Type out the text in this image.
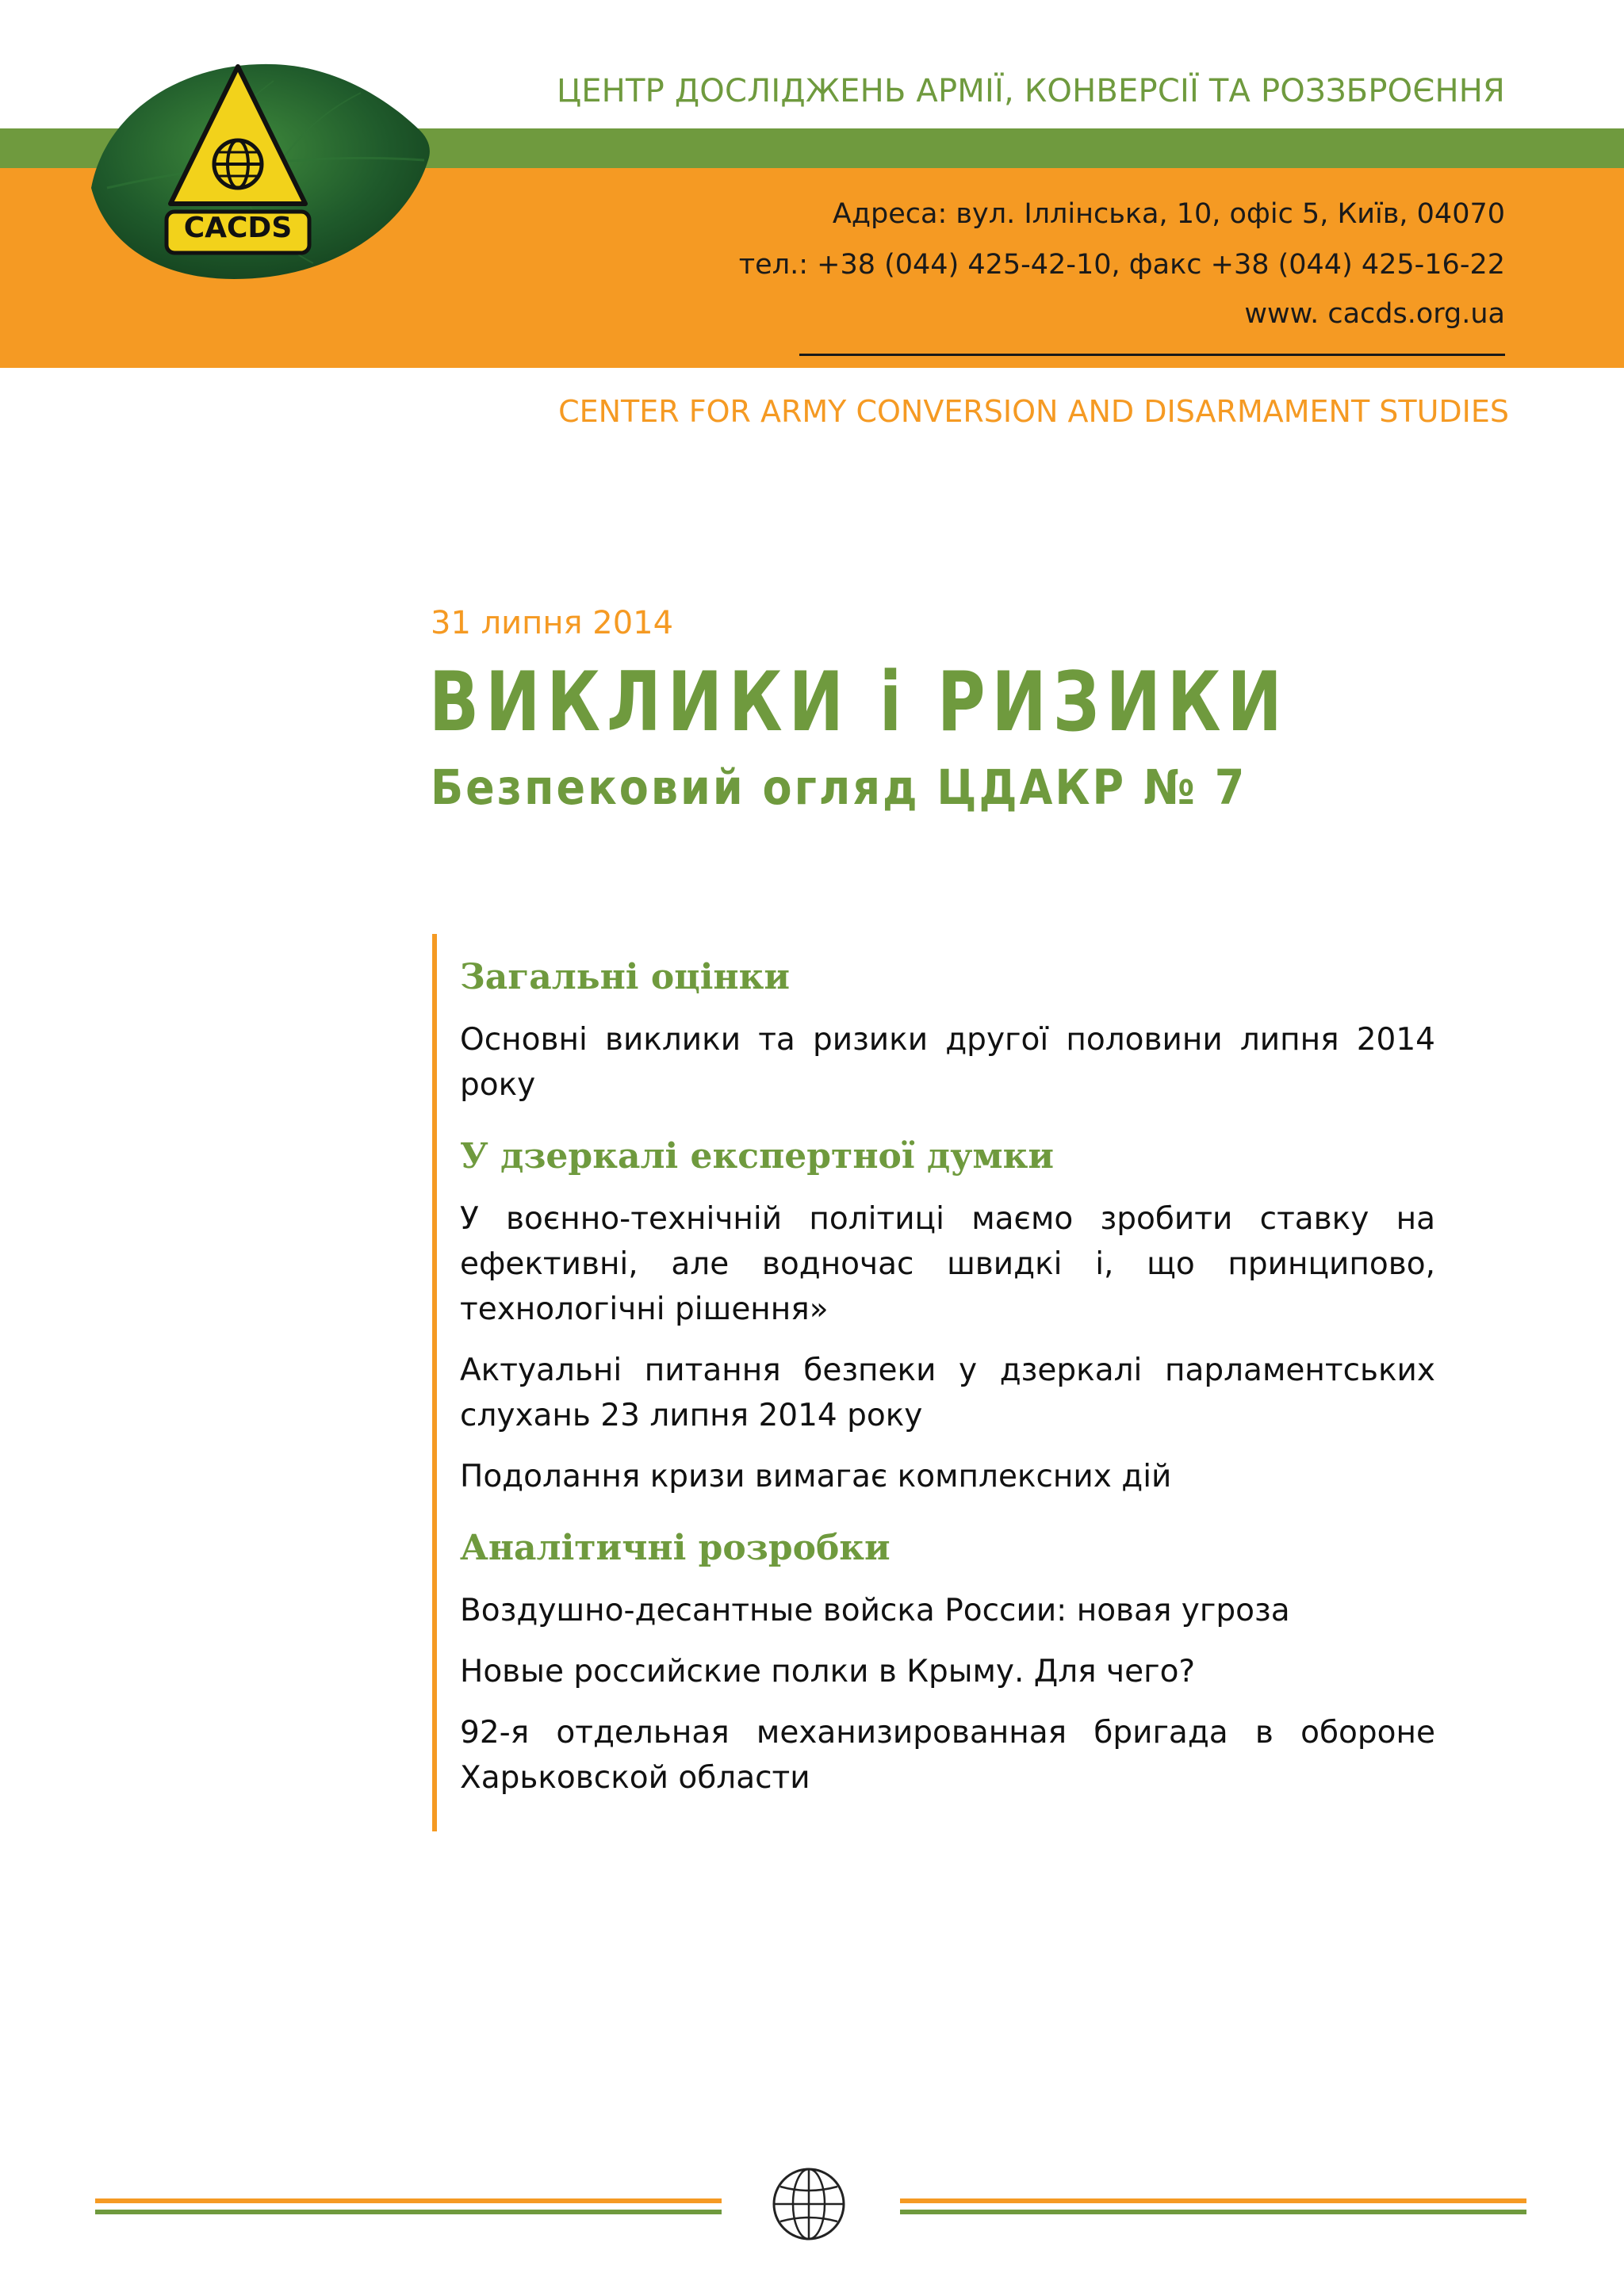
ЦЕНТР ДОСЛІДЖЕНЬ АРМІЇ, КОНВЕРСІЇ ТА РОЗЗБРОЄННЯ
CACDS	Адреса: вул. Іллінська, 10, офіс 5, Київ, 04070
тел.: +38 (044) 425-42-10, факс +38 (044) 425-16-22
www. cacds.org.ua
CENTER FOR ARMY CONVERSION AND DISARMAMENT STUDIES
31 липня 2014
ВИКЛИКИ і РИЗИКИ
Безпековий огляд ЦДАКР № 7
Загальні оцінки
Основні виклики та ризики другої половини липня 2014 року
У дзеркалі експертної думки
У воєнно-технічній політиці маємо зробити ставку на ефективні, але водночас швидкі і, що принципово, технологічні рішення»
Актуальні питання безпеки у дзеркалі парламентських слухань 23 липня 2014 року
Подолання кризи вимагає комплексних дій
Аналітичні розробки
Воздушно-десантные войска России: новая угроза
Новые российские полки в Крыму. Для чего?
92-я отдельная механизированная бригада в обороне Харьковской области
